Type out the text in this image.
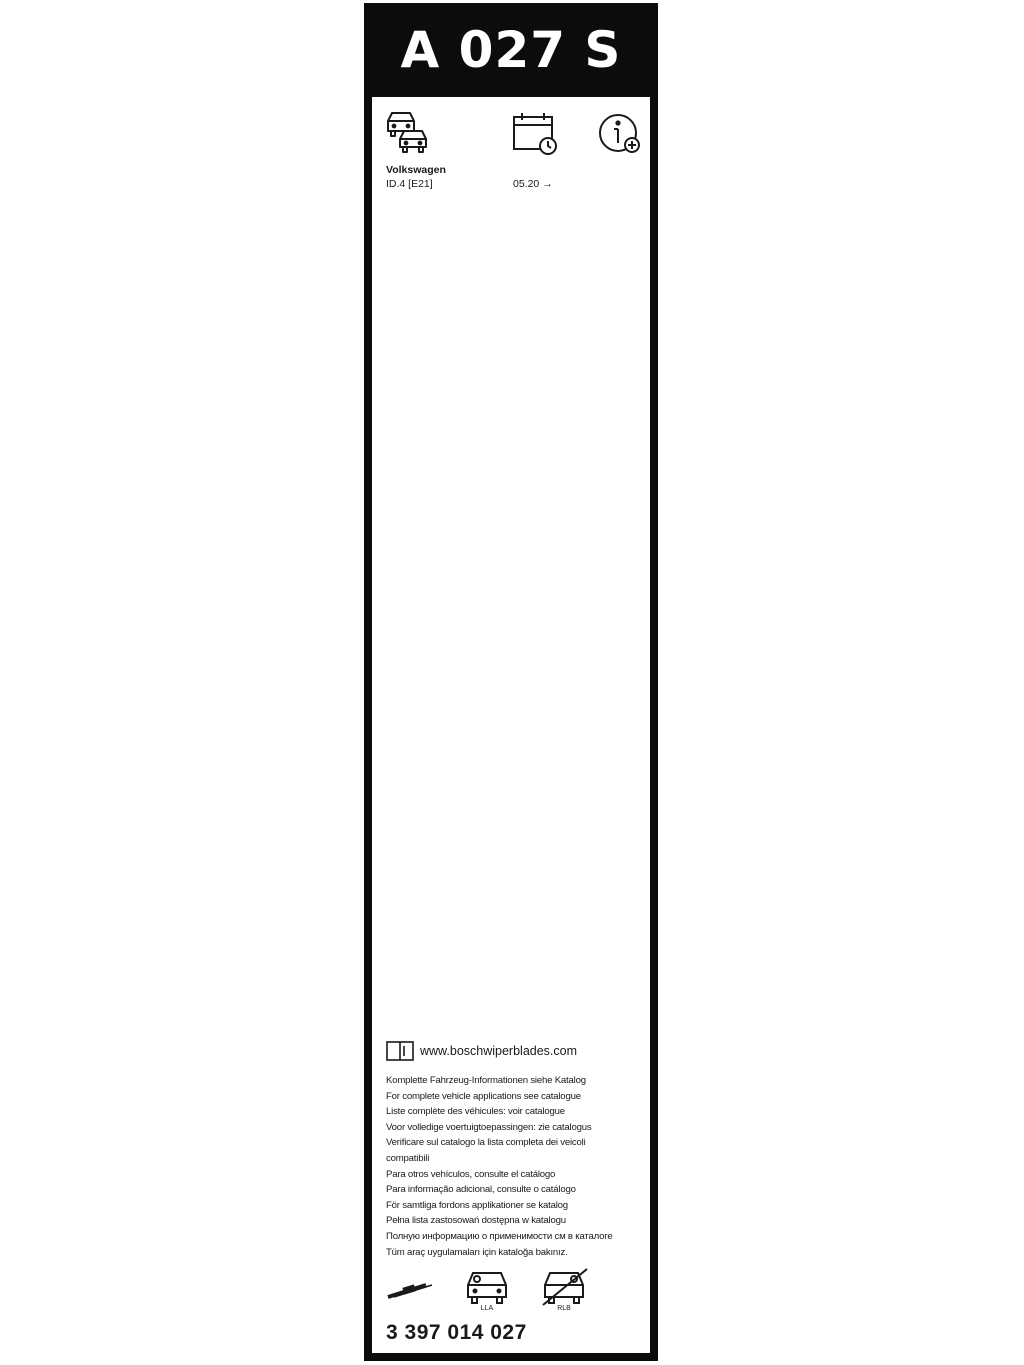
A 027 S
Volkswagen
ID.4 [E21]	05.20 →
www.boschwiperblades.com
Komplette Fahrzeug-Informationen siehe Katalog
For complete vehicle applications see catalogue
Liste complète des véhicules: voir catalogue
Voor volledige voertuigtoepassingen: zie catalogus
Verificare sul catalogo la lista completa dei veicoli
compatibili
Para otros vehículos, consulte el catálogo
Para informação adicional, consulte o catálogo
För samtliga fordons applikationer se katalog
Pełna lista zastosowań dostępna w katalogu
Полную информацию о применимости см в каталоге
Tüm araç uygulamaları için kataloğa bakınız.
LLA	RLB
3 397 014 027
